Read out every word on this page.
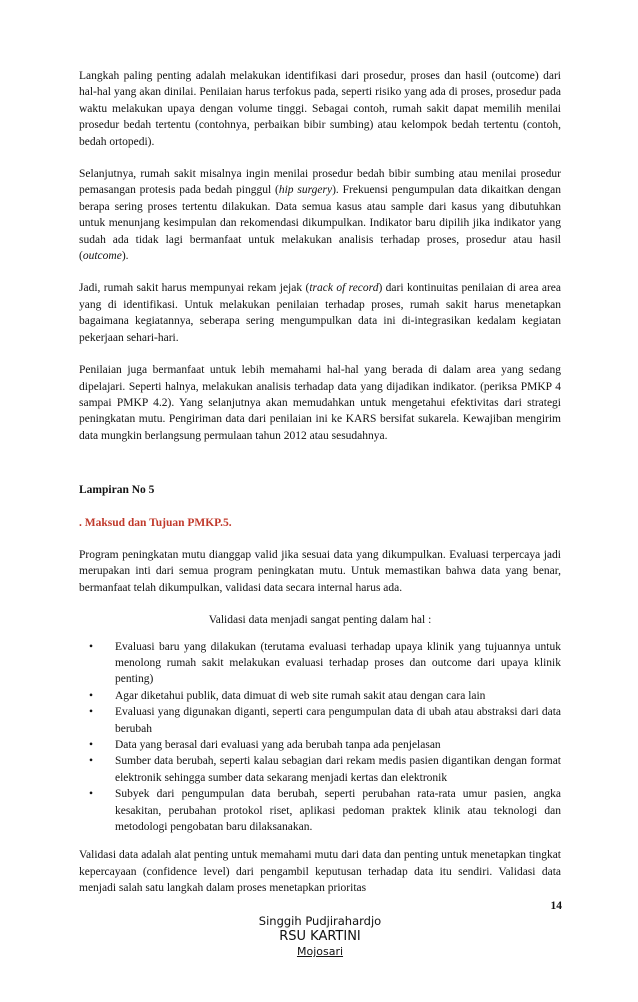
Langkah paling penting adalah melakukan identifikasi dari prosedur, proses dan hasil (outcome) dari hal-hal yang akan dinilai. Penilaian harus terfokus pada, seperti risiko yang ada di proses, prosedur pada waktu melakukan upaya dengan volume tinggi. Sebagai contoh, rumah sakit dapat memilih menilai prosedur bedah tertentu (contohnya, perbaikan bibir sumbing) atau kelompok bedah tertentu (contoh, bedah ortopedi).

Selanjutnya, rumah sakit misalnya ingin menilai prosedur bedah bibir sumbing atau menilai prosedur pemasangan protesis pada bedah pinggul (hip surgery). Frekuensi pengumpulan data dikaitkan dengan berapa sering proses tertentu dilakukan. Data semua kasus atau sample dari kasus yang dibutuhkan untuk menunjang kesimpulan dan rekomendasi dikumpulkan. Indikator baru dipilih jika indikator yang sudah ada tidak lagi bermanfaat untuk melakukan analisis terhadap proses, prosedur atau hasil (outcome).

Jadi, rumah sakit harus mempunyai rekam jejak (track of record) dari kontinuitas penilaian di area area yang di identifikasi. Untuk melakukan penilaian terhadap proses, rumah sakit harus menetapkan bagaimana kegiatannya, seberapa sering mengumpulkan data ini di-integrasikan kedalam kegiatan pekerjaan sehari-hari.

Penilaian juga bermanfaat untuk lebih memahami hal-hal yang berada di dalam area yang sedang dipelajari. Seperti halnya, melakukan analisis terhadap data yang dijadikan indikator. (periksa PMKP 4 sampai PMKP 4.2). Yang selanjutnya akan memudahkan untuk mengetahui efektivitas dari strategi peningkatan mutu. Pengiriman data dari penilaian ini ke KARS bersifat sukarela. Kewajiban mengirim data mungkin berlangsung permulaan tahun 2012 atau sesudahnya.

Lampiran No 5

. Maksud dan Tujuan PMKP.5.

Program peningkatan mutu dianggap valid jika sesuai data yang dikumpulkan. Evaluasi terpercaya jadi merupakan inti dari semua program peningkatan mutu. Untuk memastikan bahwa data yang benar, bermanfaat telah dikumpulkan, validasi data secara internal harus ada.

Validasi data menjadi sangat penting dalam hal :

• Evaluasi baru yang dilakukan (terutama evaluasi terhadap upaya klinik yang tujuannya untuk menolong rumah sakit melakukan evaluasi terhadap proses dan outcome dari upaya klinik penting)
• Agar diketahui publik, data dimuat di web site rumah sakit atau dengan cara lain
• Evaluasi yang digunakan diganti, seperti cara pengumpulan data di ubah atau abstraksi dari data berubah
• Data yang berasal dari evaluasi yang ada berubah tanpa ada penjelasan
• Sumber data berubah, seperti kalau sebagian dari rekam medis pasien digantikan dengan format elektronik sehingga sumber data sekarang menjadi kertas dan elektronik
• Subyek dari pengumpulan data berubah, seperti perubahan rata-rata umur pasien, angka kesakitan, perubahan protokol riset, aplikasi pedoman praktek klinik atau teknologi dan metodologi pengobatan baru dilaksanakan.

Validasi data adalah alat penting untuk memahami mutu dari data dan penting untuk menetapkan tingkat kepercayaan (confidence level) dari pengambil keputusan terhadap data itu sendiri. Validasi data menjadi salah satu langkah dalam proses menetapkan prioritas

14
Singgih Pudjirahardjo
RSU KARTINI
Mojosari
